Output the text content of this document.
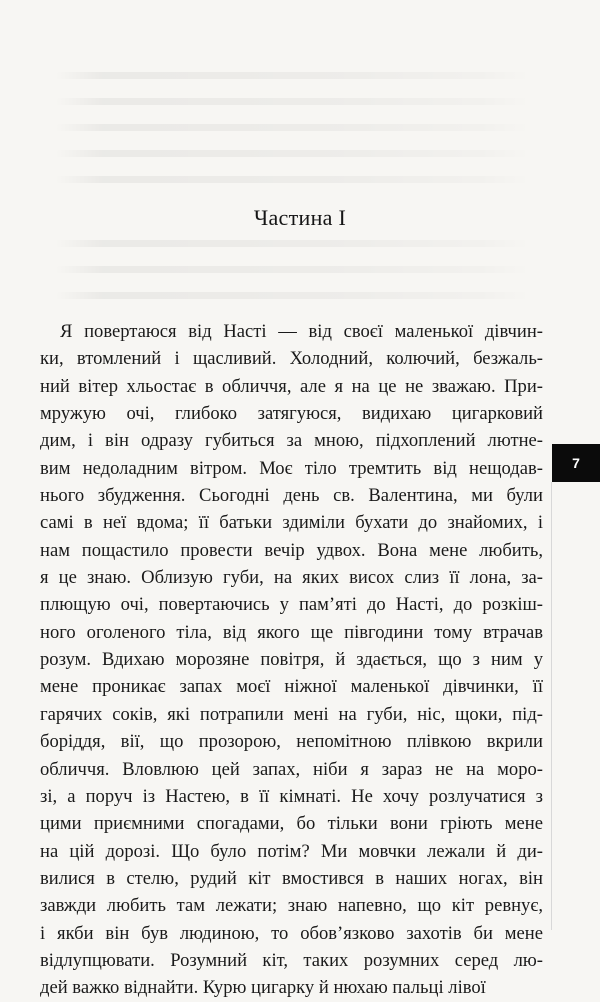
Частина І
Я повертаюся від Насті — від своєї маленької дівчин-
ки, втомлений і щасливий. Холодний, колючий, безжаль-
ний вітер хльостає в обличчя, але я на це не зважаю. При-
мружую очі, глибоко затягуюся, видихаю цигарковий
дим, і він одразу губиться за мною, підхоплений лютне-
вим недоладним вітром. Моє тіло тремтить від нещодав-
нього збудження. Сьогодні день св. Валентина, ми були
самі в неї вдома; її батьки здиміли бухати до знайомих, і
нам пощастило провести вечір удвох. Вона мене любить,
я це знаю. Облизую губи, на яких висох слиз її лона, за-
плющую очі, повертаючись у пам’яті до Насті, до розкіш-
ного оголеного тіла, від якого ще півгодини тому втрачав
розум. Вдихаю морозяне повітря, й здається, що з ним у
мене проникає запах моєї ніжної маленької дівчинки, її
гарячих соків, які потрапили мені на губи, ніс, щоки, під-
боріддя, вії, що прозорою, непомітною плівкою вкрили
обличчя. Вловлюю цей запах, ніби я зараз не на моро-
зі, а поруч із Настею, в її кімнаті. Не хочу розлучатися з
цими приємними спогадами, бо тільки вони гріють мене
на цій дорозі. Що було потім? Ми мовчки лежали й ди-
вилися в стелю, рудий кіт вмостився в наших ногах, він
завжди любить там лежати; знаю напевно, що кіт ревнує,
і якби він був людиною, то обов’язково захотів би мене
відлупцювати. Розумний кіт, таких розумних серед лю-
дей важко віднайти. Курю цигарку й нюхаю пальці лівої
7
